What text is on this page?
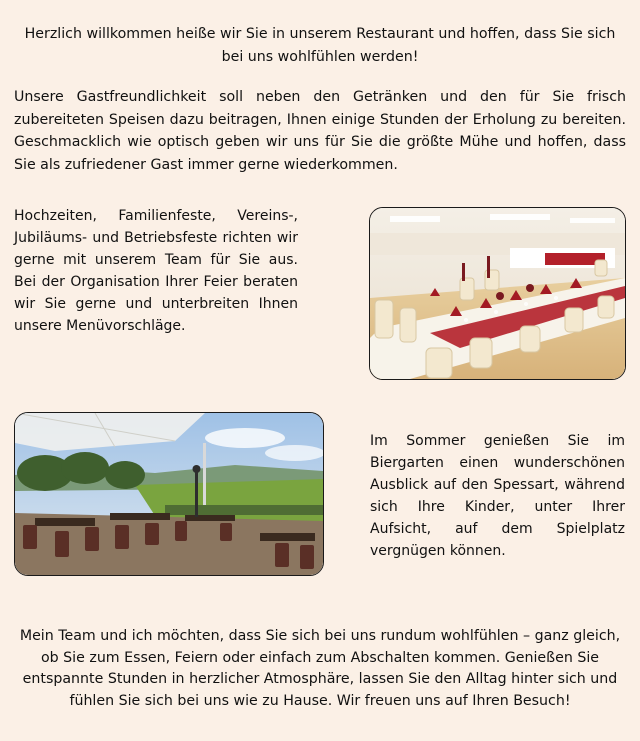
Herzlich willkommen heiße wir Sie in unserem Restaurant und hoffen, dass Sie sich bei uns wohlfühlen werden!

Unsere Gastfreundlichkeit soll neben den Getränken und den für Sie frisch zubereiteten Speisen dazu beitragen, Ihnen einige Stunden der Erholung zu bereiten. Geschmacklich wie optisch geben wir uns für Sie die größte Mühe und hoffen, dass Sie als zufriedener Gast immer gerne wiederkommen.

Hochzeiten, Familienfeste, Vereins-, Jubiläums- und Betriebsfeste richten wir gerne mit unserem Team für Sie aus. Bei der Organisation Ihrer Feier beraten wir Sie gerne und unterbreiten Ihnen unsere Menüvorschläge.

Im Sommer genießen Sie im Biergarten einen wunderschönen Ausblick auf den Spessart, während sich Ihre Kinder, unter Ihrer Aufsicht, auf dem Spielplatz vergnügen können.

Mein Team und ich möchten, dass Sie sich bei uns rundum wohlfühlen – ganz gleich, ob Sie zum Essen, Feiern oder einfach zum Abschalten kommen. Genießen Sie entspannte Stunden in herzlicher Atmosphäre, lassen Sie den Alltag hinter sich und fühlen Sie sich bei uns wie zu Hause. Wir freuen uns auf Ihren Besuch!
